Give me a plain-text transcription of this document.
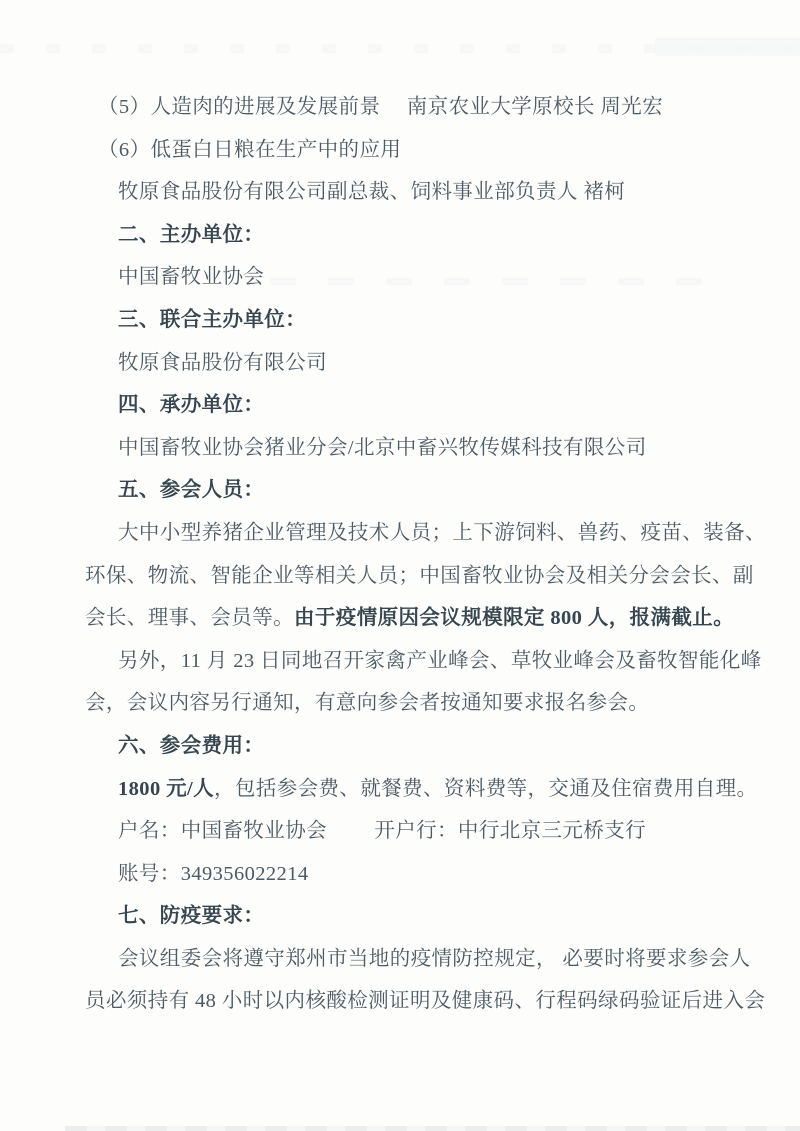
（5）人造肉的进展及发展前景　 南京农业大学原校长 周光宏
（6）低蛋白日粮在生产中的应用
牧原食品股份有限公司副总裁、饲料事业部负责人 褚柯
二、主办单位：
中国畜牧业协会
三、联合主办单位：
牧原食品股份有限公司
四、承办单位：
中国畜牧业协会猪业分会/北京中畜兴牧传媒科技有限公司
五、参会人员：
大中小型养猪企业管理及技术人员；上下游饲料、兽药、疫苗、装备、
环保、物流、智能企业等相关人员；中国畜牧业协会及相关分会会长、副
会长、理事、会员等。由于疫情原因会议规模限定 800 人，报满截止。
另外，11 月 23 日同地召开家禽产业峰会、草牧业峰会及畜牧智能化峰
会，会议内容另行通知，有意向参会者按通知要求报名参会。
六、参会费用：
1800 元/人，包括参会费、就餐费、资料费等，交通及住宿费用自理。
户名：中国畜牧业协会　　 开户行：中行北京三元桥支行
账号：349356022214
七、防疫要求：
会议组委会将遵守郑州市当地的疫情防控规定， 必要时将要求参会人
员必须持有 48 小时以内核酸检测证明及健康码、行程码绿码验证后进入会
